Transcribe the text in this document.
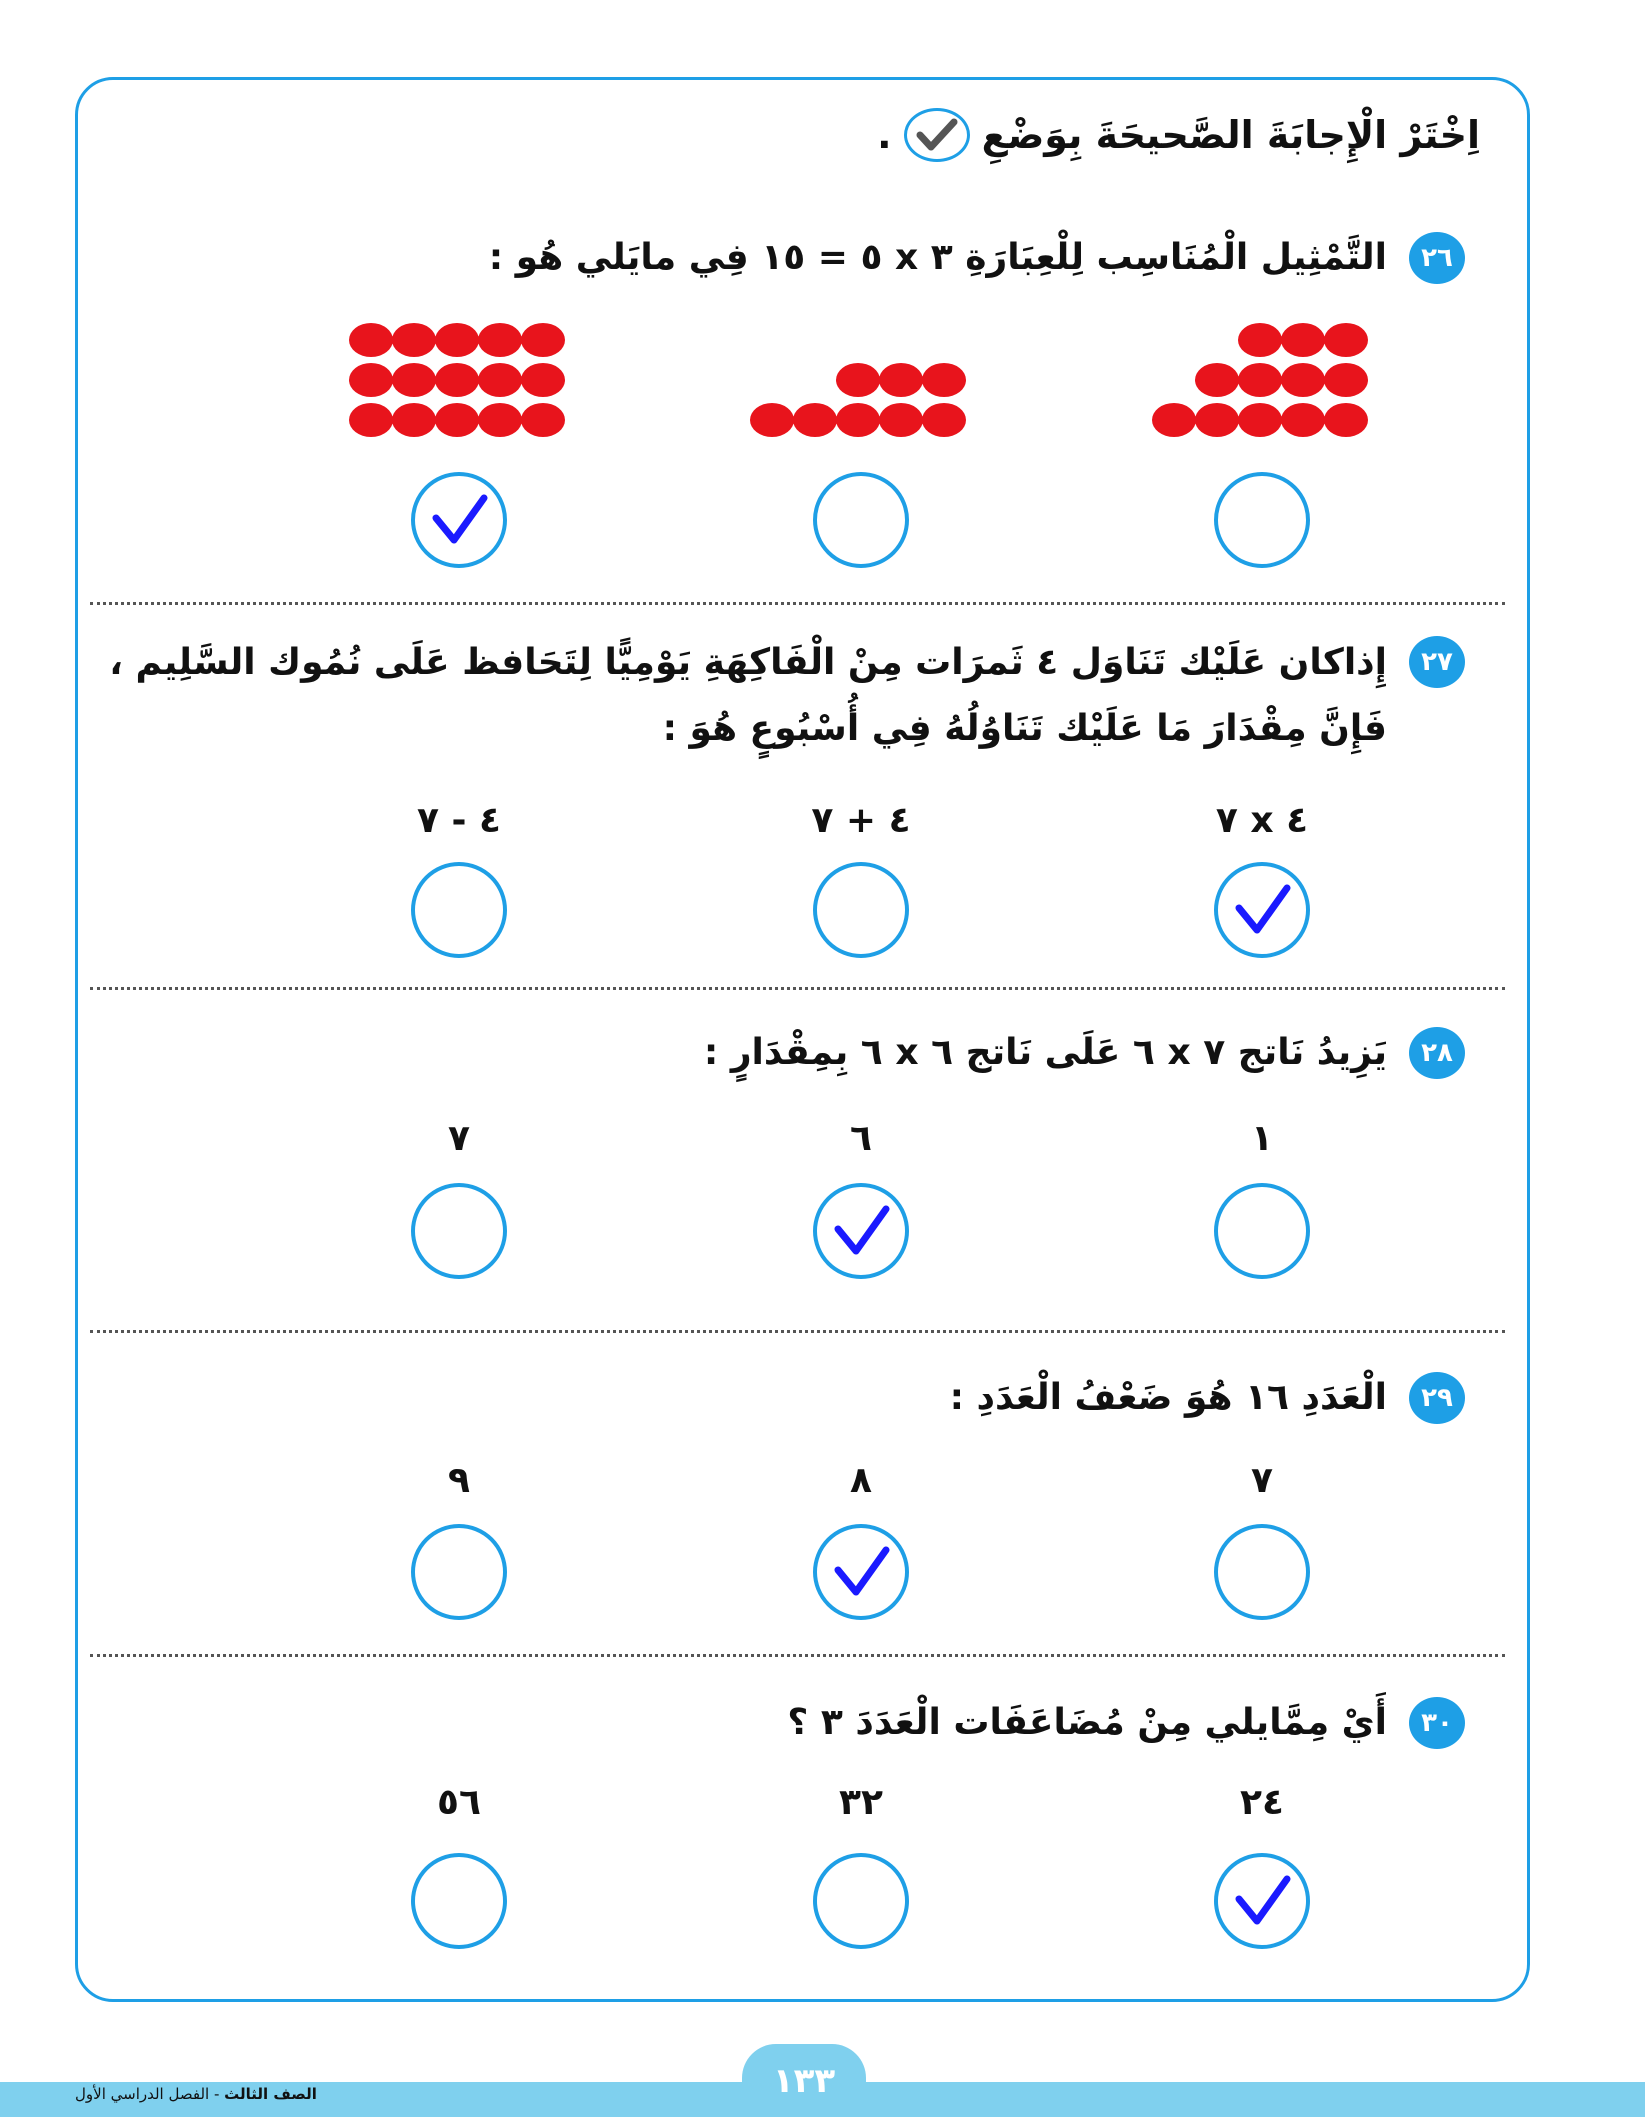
اِخْتَرْ الْإِجابَةَ الصَّحيحَةَ بِوَضْعِ
.
٢٦
التَّمْثِيل الْمُنَاسِب لِلْعِبَارَةِ ٣ x ٥ = ١٥ فِي مايَلي هُو :
٢٧
إِذاكان عَلَيْك تَنَاوَل ٤ ثَمرَات مِنْ الْفَاكِهَةِ يَوْمِيًّا لِتَحَافظ عَلَى نُمُوك السَّلِيم ،
فَإِنَّ مِقْدَارَ مَا عَلَيْك تَنَاوُلُهُ فِي أُسْبُوعٍ هُوَ :
٤ x ٧
٤ + ٧
٤ - ٧
٢٨
يَزِيدُ نَاتج ٧ x ٦ عَلَى نَاتج ٦ x ٦ بِمِقْدَارٍ :
١
٦
٧
٢٩
الْعَدَدِ ١٦ هُوَ ضَعْفُ الْعَدَدِ :
٧
٨
٩
٣٠
أَيْ مِمَّايلي مِنْ مُضَاعَفَات الْعَدَدَ ٣ ؟
٢٤
٣٢
٥٦
١٣٣
الصف الثالث - الفصل الدراسي الأول
